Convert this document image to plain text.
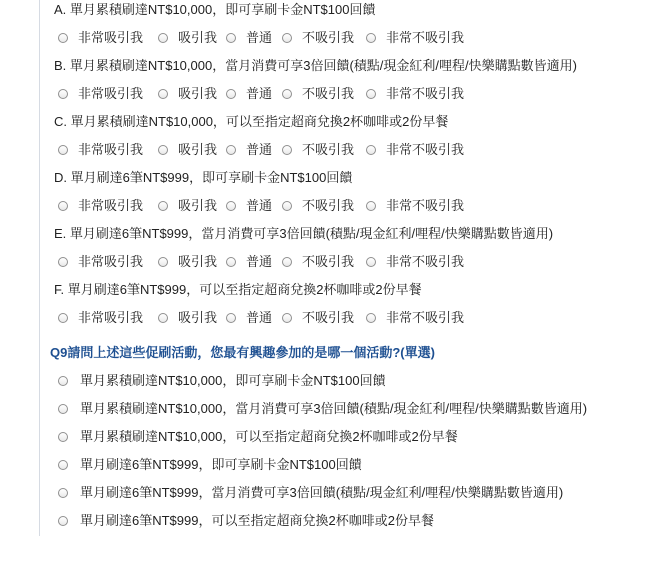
A. 單月累積刷達NT$10,000，即可享刷卡金NT$100回饋
非常吸引我	吸引我	普通	不吸引我	非常不吸引我
B. 單月累積刷達NT$10,000，當月消費可享3倍回饋(積點/現金紅利/哩程/快樂購點數皆適用)
非常吸引我	吸引我	普通	不吸引我	非常不吸引我
C. 單月累積刷達NT$10,000，可以至指定超商兌換2杯咖啡或2份早餐
非常吸引我	吸引我	普通	不吸引我	非常不吸引我
D. 單月刷達6筆NT$999，即可享刷卡金NT$100回饋
非常吸引我	吸引我	普通	不吸引我	非常不吸引我
E. 單月刷達6筆NT$999，當月消費可享3倍回饋(積點/現金紅利/哩程/快樂購點數皆適用)
非常吸引我	吸引我	普通	不吸引我	非常不吸引我
F. 單月刷達6筆NT$999，可以至指定超商兌換2杯咖啡或2份早餐
非常吸引我	吸引我	普通	不吸引我	非常不吸引我
Q9請問上述這些促刷活動，您最有興趣參加的是哪一個活動?(單選)
單月累積刷達NT$10,000，即可享刷卡金NT$100回饋
單月累積刷達NT$10,000，當月消費可享3倍回饋(積點/現金紅利/哩程/快樂購點數皆適用)
單月累積刷達NT$10,000，可以至指定超商兌換2杯咖啡或2份早餐
單月刷達6筆NT$999，即可享刷卡金NT$100回饋
單月刷達6筆NT$999，當月消費可享3倍回饋(積點/現金紅利/哩程/快樂購點數皆適用)
單月刷達6筆NT$999，可以至指定超商兌換2杯咖啡或2份早餐
